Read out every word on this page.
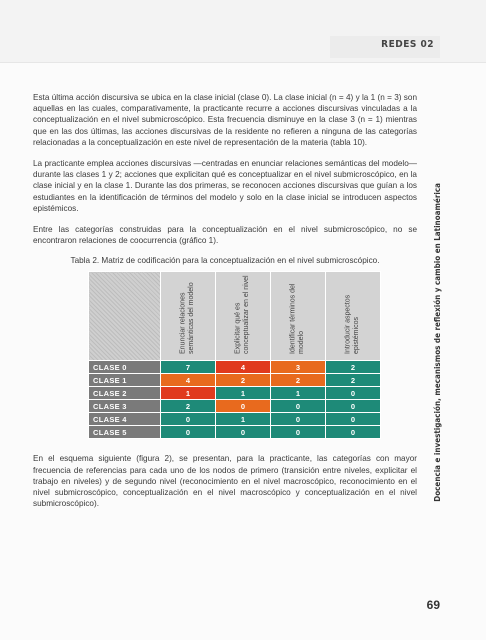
REDES 02

Esta última acción discursiva se ubica en la clase inicial (clase 0). La clase inicial (n = 4) y la 1 (n = 3) son aquellas en las cuales, comparativamente, la practicante recurre a acciones discursivas vinculadas a la conceptualización en el nivel submicroscópico. Esta frecuencia disminuye en la clase 3 (n = 1) mientras que en las dos últimas, las acciones discursivas de la residente no refieren a ninguna de las categorías relacionadas a la conceptualización en este nivel de representación de la materia (tabla 10).

La practicante emplea acciones discursivas —centradas en enunciar relaciones semánticas del modelo— durante las clases 1 y 2; acciones que explicitan qué es conceptualizar en el nivel submicroscópico, en la clase inicial y en la clase 1. Durante las dos primeras, se reconocen acciones discursivas que guían a los estudiantes en la identificación de términos del modelo y solo en la clase inicial se introducen aspectos epistémicos.

Entre las categorías construidas para la conceptualización en el nivel submicroscópico, no se encontraron relaciones de coocurrencia (gráfico 1).

Tabla 2. Matriz de codificación para la conceptualización en el nivel submicroscópico.

	Enunciar relaciones semánticas del modelo	Explicitar qué es conceptualizar en el nivel	Identificar términos del modelo	Introducir aspectos epistémicos

CLASE 0	7	4	3	2
CLASE 1	4	2	2	2
CLASE 2	1	1	1	0
CLASE 3	2	0	0	0
CLASE 4	0	1	0	0
CLASE 5	0	0	0	0

En el esquema siguiente (figura 2), se presentan, para la practicante, las categorías con mayor frecuencia de referencias para cada uno de los nodos de primero (transición entre niveles, explicitar el trabajo en niveles) y de segundo nivel (reconocimiento en el nivel macroscópico, reconocimiento en el nivel submicroscópico, conceptualización en el nivel macroscópico y conceptualización en el nivel submicroscópico).

Docencia e investigación, mecanismos de reflexión y cambio en Latinoamérica
69
